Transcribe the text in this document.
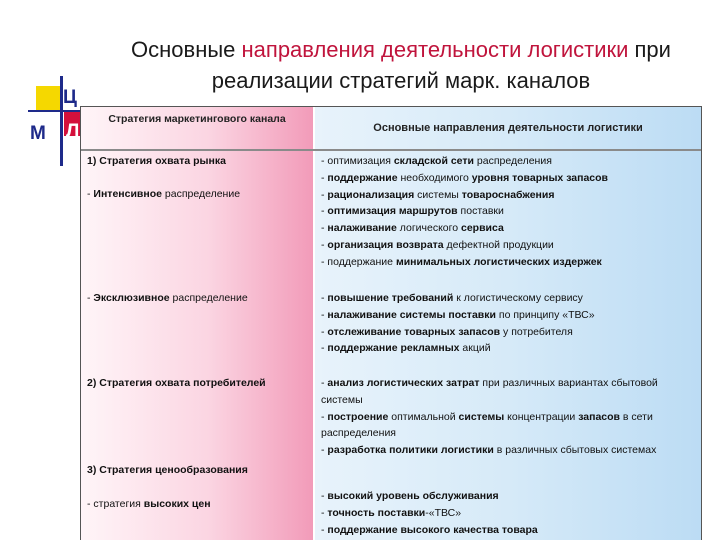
Ц
М Л
Основные направления деятельности логистики при
реализации стратегий марк. каналов
Стратегия маркетингового канала
Основные направления деятельности логистики
1) Стратегия охвата рынка
- Интенсивное распределение
- Эксклюзивное распределение
2) Стратегия охвата потребителей
3) Стратегия ценообразования
- стратегия высоких цен
- оптимизация складской сети распределения
- поддержание необходимого уровня товарных запасов
- рационализация системы товароснабжения
- оптимизация маршрутов поставки
- налаживание логического сервиса
- организация возврата дефектной продукции
- поддержание минимальных логистических издержек
- повышение требований к логистическому сервису
- налаживание системы поставки по принципу «ТВС»
- отслеживание товарных запасов у потребителя
- поддержание рекламных акций
- анализ логистических затрат при различных вариантах сбытовой системы
- построение оптимальной системы концентрации запасов в сети распределения
- разработка политики логистики в различных сбытовых системах
- высокий уровень обслуживания
- точность поставки-«ТВС»
- поддержание высокого качества товара
